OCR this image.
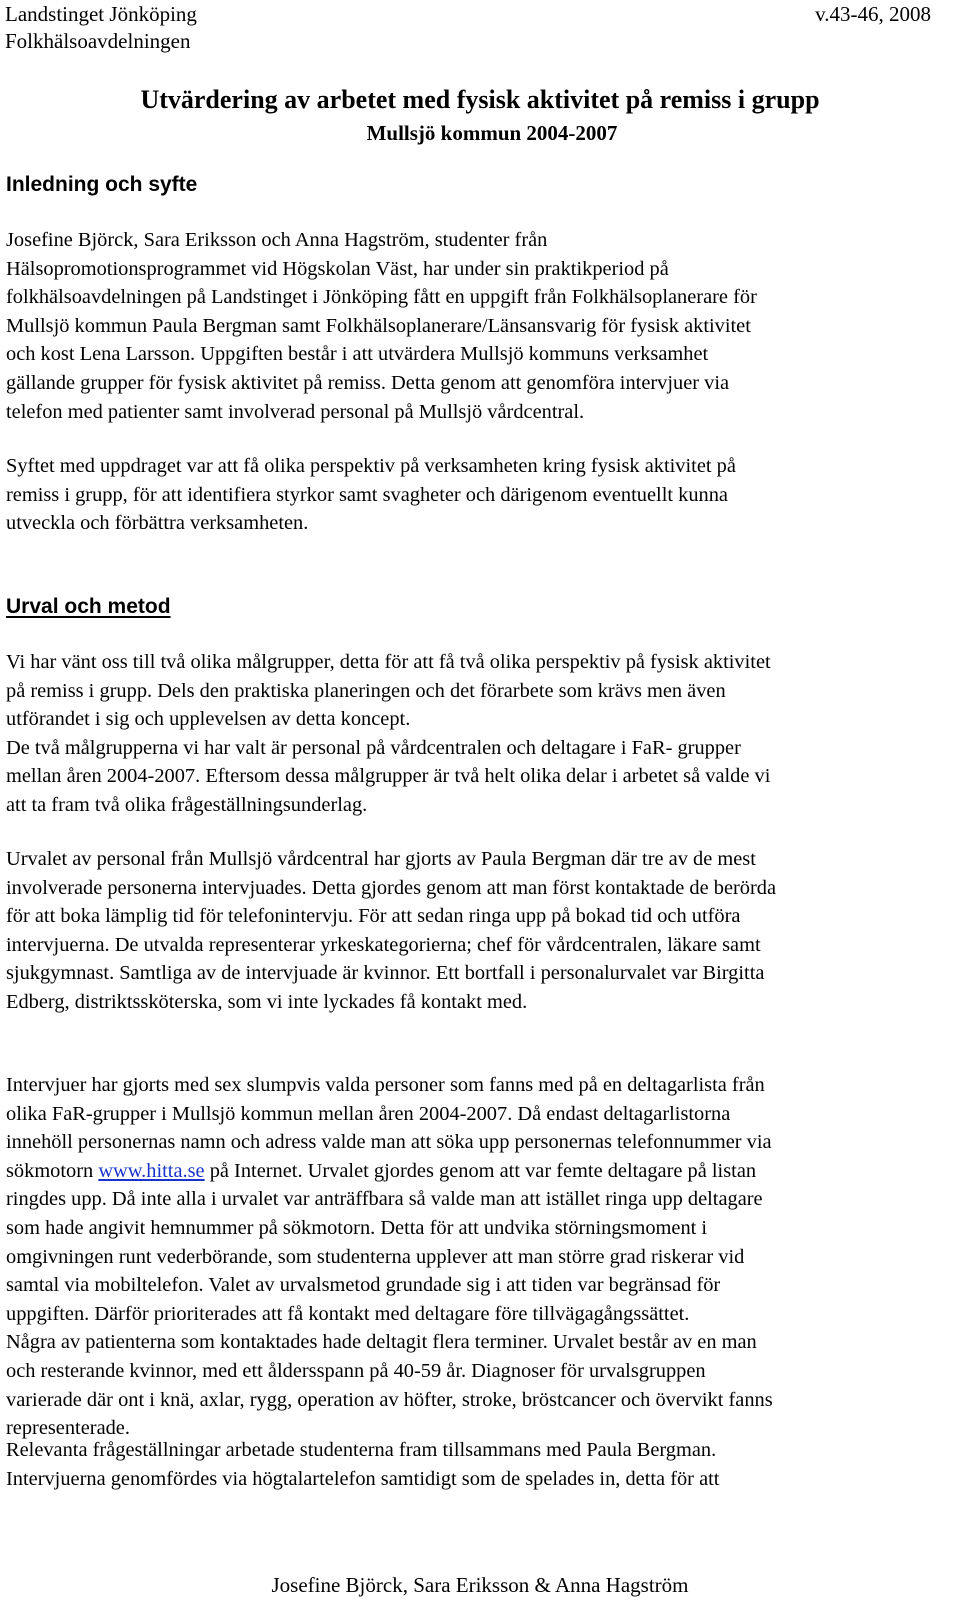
Landstinget Jönköping	v.43-46, 2008
Folkhälsoavdelningen
Utvärdering av arbetet med fysisk aktivitet på remiss i grupp
Mullsjö kommun 2004-2007
Inledning och syfte
Josefine Björck, Sara Eriksson och Anna Hagström, studenter från
Hälsopromotionsprogrammet vid Högskolan Väst, har under sin praktikperiod på
folkhälsoavdelningen på Landstinget i Jönköping fått en uppgift från Folkhälsoplanerare för
Mullsjö kommun Paula Bergman samt Folkhälsoplanerare/Länsansvarig för fysisk aktivitet
och kost Lena Larsson. Uppgiften består i att utvärdera Mullsjö kommuns verksamhet
gällande grupper för fysisk aktivitet på remiss. Detta genom att genomföra intervjuer via
telefon med patienter samt involverad personal på Mullsjö vårdcentral.
Syftet med uppdraget var att få olika perspektiv på verksamheten kring fysisk aktivitet på
remiss i grupp, för att identifiera styrkor samt svagheter och därigenom eventuellt kunna
utveckla och förbättra verksamheten.
Urval och metod
Vi har vänt oss till två olika målgrupper, detta för att få två olika perspektiv på fysisk aktivitet
på remiss i grupp. Dels den praktiska planeringen och det förarbete som krävs men även
utförandet i sig och upplevelsen av detta koncept.
De två målgrupperna vi har valt är personal på vårdcentralen och deltagare i FaR- grupper
mellan åren 2004-2007. Eftersom dessa målgrupper är två helt olika delar i arbetet så valde vi
att ta fram två olika frågeställningsunderlag.
Urvalet av personal från Mullsjö vårdcentral har gjorts av Paula Bergman där tre av de mest
involverade personerna intervjuades. Detta gjordes genom att man först kontaktade de berörda
för att boka lämplig tid för telefonintervju. För att sedan ringa upp på bokad tid och utföra
intervjuerna. De utvalda representerar yrkeskategorierna; chef för vårdcentralen, läkare samt
sjukgymnast. Samtliga av de intervjuade är kvinnor. Ett bortfall i personalurvalet var Birgitta
Edberg, distriktssköterska, som vi inte lyckades få kontakt med.
Intervjuer har gjorts med sex slumpvis valda personer som fanns med på en deltagarlista från
olika FaR-grupper i Mullsjö kommun mellan åren 2004-2007. Då endast deltagarlistorna
innehöll personernas namn och adress valde man att söka upp personernas telefonnummer via
sökmotorn www.hitta.se på Internet. Urvalet gjordes genom att var femte deltagare på listan
ringdes upp. Då inte alla i urvalet var anträffbara så valde man att istället ringa upp deltagare
som hade angivit hemnummer på sökmotorn. Detta för att undvika störningsmoment i
omgivningen runt vederbörande, som studenterna upplever att man större grad riskerar vid
samtal via mobiltelefon. Valet av urvalsmetod grundade sig i att tiden var begränsad för
uppgiften. Därför prioriterades att få kontakt med deltagare före tillvägagångssättet.
Några av patienterna som kontaktades hade deltagit flera terminer. Urvalet består av en man
och resterande kvinnor, med ett åldersspann på 40-59 år. Diagnoser för urvalsgruppen
varierade där ont i knä, axlar, rygg, operation av höfter, stroke, bröstcancer och övervikt fanns
representerade.
Relevanta frågeställningar arbetade studenterna fram tillsammans med Paula Bergman.
Intervjuerna genomfördes via högtalartelefon samtidigt som de spelades in, detta för att
Josefine Björck, Sara Eriksson & Anna Hagström
